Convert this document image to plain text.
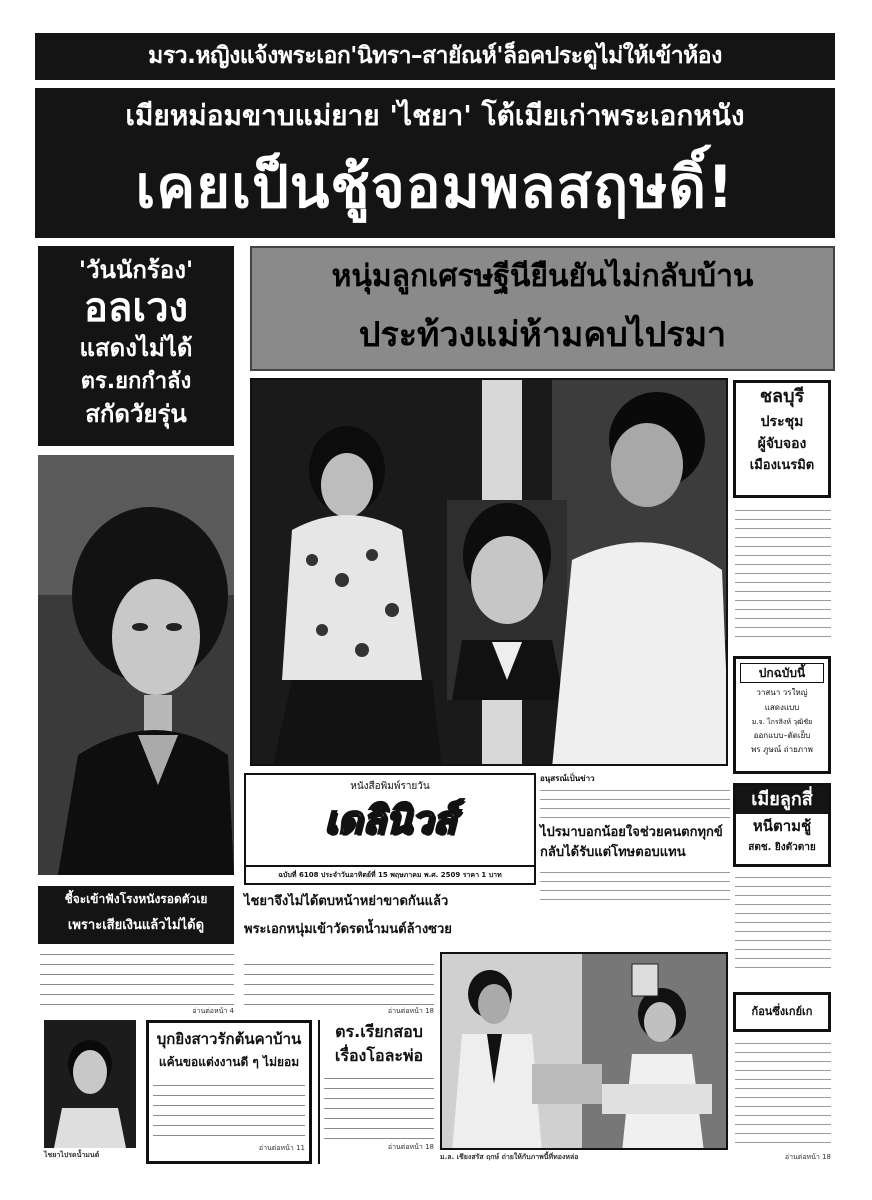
มรว.หญิงแจ้งพระเอก'นิทรา–สายัณห์'ล็อคประตูไม่ให้เข้าห้อง
เมียหม่อมขาบแม่ยาย 'ไชยา' โต้เมียเก่าพระเอกหนัง
เคยเป็นชู้จอมพลสฤษดิ์!
'วันนักร้อง'
อลเวง
แสดงไม่ได้
ตร.ยกกำลัง
สกัดวัยรุ่น
หนุ่มลูกเศรษฐีนียืนยันไม่กลับบ้าน
ประท้วงแม่ห้ามคบไปรมา
ชลบุรี
ประชุม
ผู้จับจอง
เมืองเนรมิต
ปกฉบับนี้
วาสนา วรใหญ่
แสดงแบบ
ม.จ. ไกรสิงห์ วุฒิชัย
ออกแบบ–ตัดเย็บ
พร ภูษณ์ ถ่ายภาพ
หนังสือพิมพ์รายวัน
เดลินิวส์
ฉบับที่ 6108 ประจำวันอาทิตย์ที่ 15 พฤษภาคม พ.ศ. 2509 ราคา 1 บาท
อนุสรณ์เป็นข่าว
ไปรมาบอกน้อยใจช่วยคนตกทุกข์ กลับได้รับแต่โทษตอบแทน
เมียลูกสี่
หนีตามชู้
สตช. ยิงตัวตาย
ชี้จะเข้าฟังโรงหนังรอดตัวเย
เพราะเสียเงินแล้วไม่ได้ดู
อ่านต่อหน้า 4
ไชยาจึงไม่ได้ตบหน้าหย่าขาดกันแล้ว
พระเอกหนุ่มเข้าวัดรดน้ำมนต์ล้างซวย
อ่านต่อหน้า 18
ม.ล. เชียงสรัส ฤกษ์ ถ่ายให้กับภาพนี้ที่ทองหล่อ
ไชยาไปรดน้ำมนต์
บุกยิงสาวรักต้นคาบ้าน
แค้นขอแต่งงานดี ๆ ไม่ยอม
อ่านต่อหน้า 11
ตร.เรียกสอบ
เรื่องโอละพ่อ
อ่านต่อหน้า 18
ก้อนซึ่งเกย์เก
อ่านต่อหน้า 18
